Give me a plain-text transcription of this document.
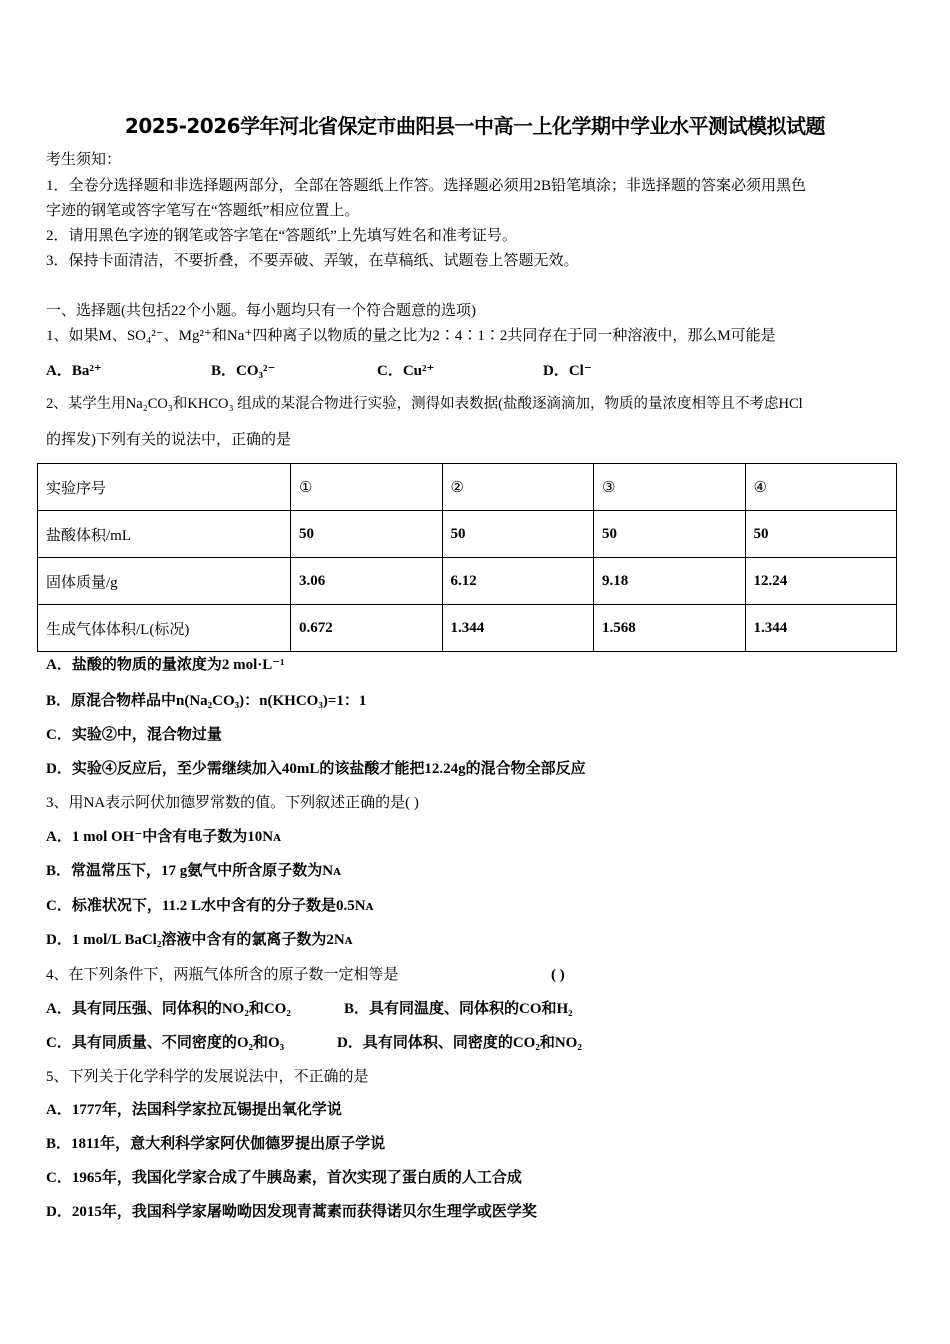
2025-2026学年河北省保定市曲阳县一中高一上化学期中学业水平测试模拟试题
考生须知：
1．全卷分选择题和非选择题两部分，全部在答题纸上作答。选择题必须用2B铅笔填涂；非选择题的答案必须用黑色
字迹的钢笔或答字笔写在“答题纸”相应位置上。
2．请用黑色字迹的钢笔或答字笔在“答题纸”上先填写姓名和准考证号。
3．保持卡面清洁，不要折叠，不要弄破、弄皱，在草稿纸、试题卷上答题无效。
一、选择题(共包括22个小题。每小题均只有一个符合题意的选项)
1、如果M、SO₄²⁻、Mg²⁺和Na⁺四种离子以物质的量之比为2∶4∶1∶2共同存在于同一种溶液中，那么M可能是
A．Ba²⁺	B．CO₃²⁻	C．Cu²⁺	D．Cl⁻
2、某学生用Na₂CO₃和KHCO₃ 组成的某混合物进行实验，测得如表数据(盐酸逐滴滴加，物质的量浓度相等且不考虑HCl
的挥发)下列有关的说法中，正确的是
实验序号	①	②	③	④
盐酸体积/mL	50	50	50	50
固体质量/g	3.06	6.12	9.18	12.24
生成气体体积/L(标况)	0.672	1.344	1.568	1.344
A．盐酸的物质的量浓度为2 mol·L⁻¹
B．原混合物样品中n(Na₂CO₃)：n(KHCO₃)=1：1
C．实验②中，混合物过量
D．实验④反应后，至少需继续加入40mL的该盐酸才能把12.24g的混合物全部反应
3、用NA表示阿伏加德罗常数的值。下列叙述正确的是( )
A．1 mol OH⁻中含有电子数为10Nᴀ
B．常温常压下，17 g氨气中所含原子数为Nᴀ
C．标准状况下，11.2 L水中含有的分子数是0.5Nᴀ
D．1 mol/L BaCl₂溶液中含有的氯离子数为2Nᴀ
4、在下列条件下，两瓶气体所含的原子数一定相等是	( )
A．具有同压强、同体积的NO₂和CO₂	B．具有同温度、同体积的CO和H₂
C．具有同质量、不同密度的O₂和O₃	D．具有同体积、同密度的CO₂和NO₂
5、下列关于化学科学的发展说法中，不正确的是
A．1777年，法国科学家拉瓦锡提出氧化学说
B．1811年，意大利科学家阿伏伽德罗提出原子学说
C．1965年，我国化学家合成了牛胰岛素，首次实现了蛋白质的人工合成
D．2015年，我国科学家屠呦呦因发现青蒿素而获得诺贝尔生理学或医学奖
